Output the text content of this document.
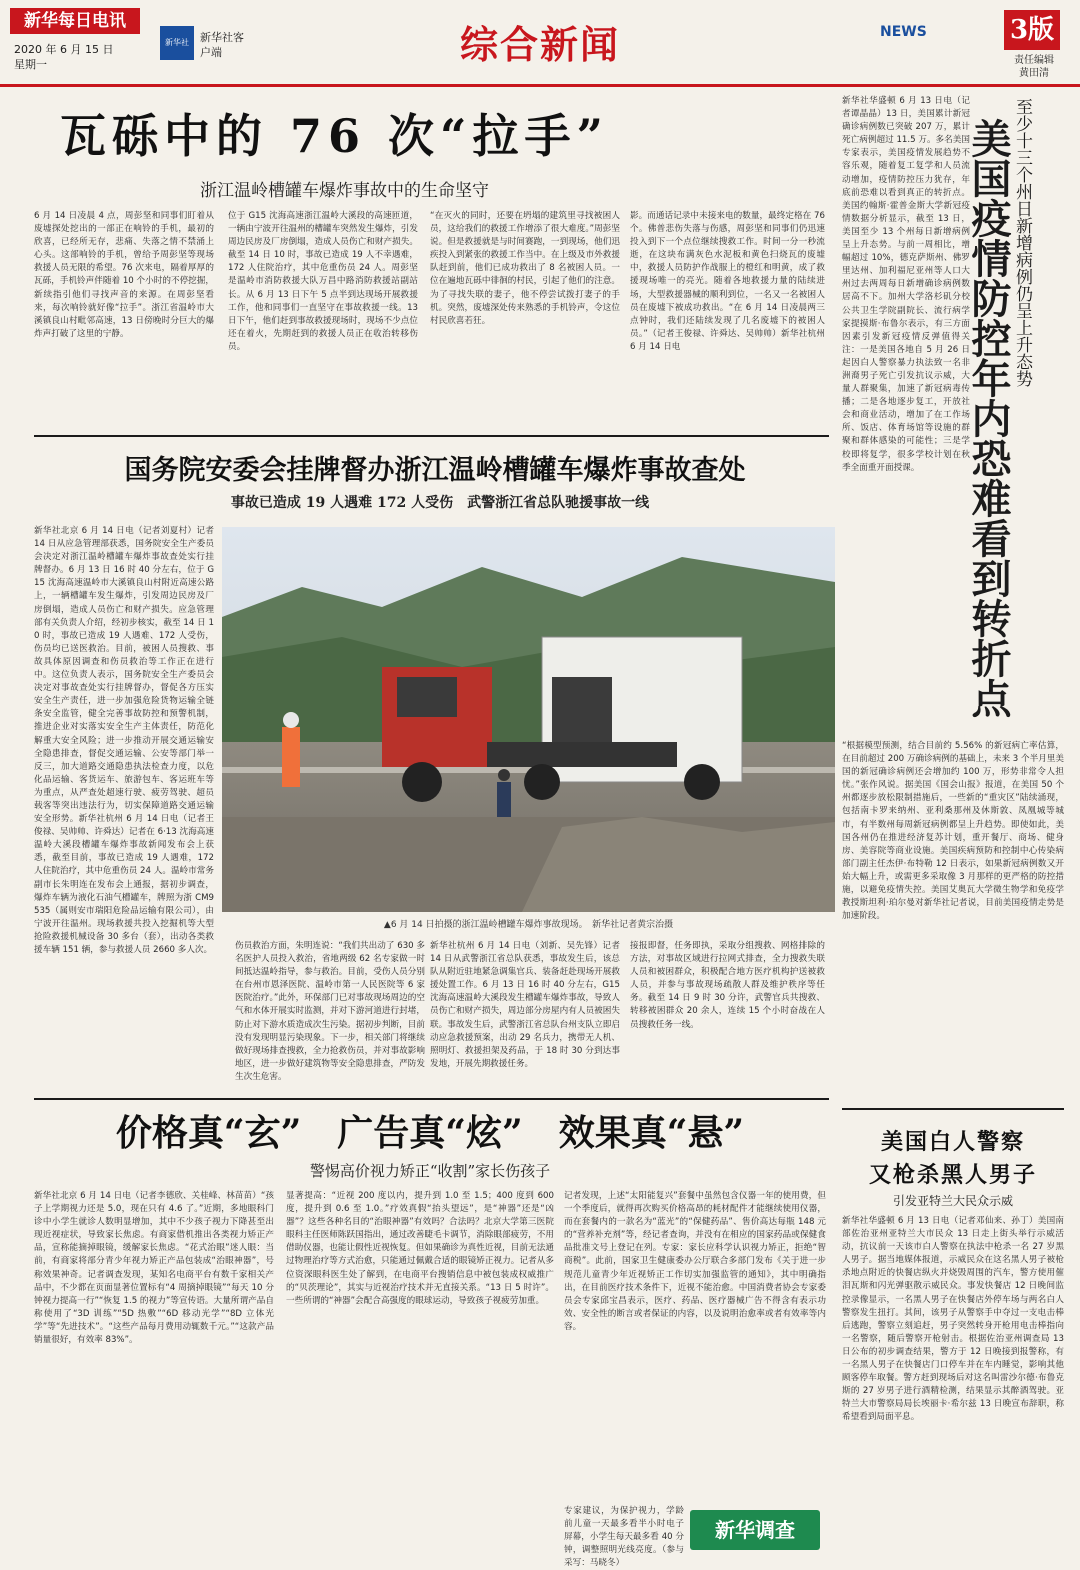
新华每日电讯
2020 年 6 月 15 日
星期一
新华社	新华社客户端	综合新闻	NEWS	3版
责任编辑
黄田清
瓦砾中的 76 次“拉手”
浙江温岭槽罐车爆炸事故中的生命坚守
6 月 14 日凌晨 4 点，周彭坚和同事们盯着从废墟探处挖出的一部正在响铃的手机，最初的欣喜，已经所无存，悲痛、失落之情不禁涌上心头。这部响铃的手机，曾给予周彭坚等现场救援人员无限的希望。76 次来电，隔着厚厚的瓦砾，手机铃声伴随着 10 个小时的不停挖掘，新续指引他们寻找声音的来源。在周彭坚看来，每次响铃就好像“拉手”。浙江省温岭市大溪镇良山村毗邻高速，13 日傍晚时分巨大的爆炸声打破了这里的宁静。
位于 G15 沈海高速浙江温岭大溪段的高速匝道，一辆由宁波开往温州的槽罐车突然发生爆炸，引发周边民房及厂房倒塌，造成人员伤亡和财产损失。截至 14 日 10 时，事故已造成 19 人不幸遇难，172 人住院治疗，其中危重伤员 24 人。周彭坚是温岭市消防救援大队万昌中路消防救援站副站长。从 6 月 13 日下午 5 点半到达现场开展救援工作，他和同事们一直坚守在事故救援一线。13 日下午，他们赶到事故救援现场时，现场不少点位还在着火，先期赶到的救援人员正在收治转移伤员。
“在灭火的同时，还要在坍塌的建筑里寻找被困人员，这给我们的救援工作增添了很大难度。”周彭坚说。但是救援就是与时间赛跑，一到现场，他们迅疾投入到紧张的救援工作当中。在上级及市外救援队赶到前，他们已成功救出了 8 名被困人员。一位在遍地瓦砾中徘徊的村民，引起了他们的注意。为了寻找失联的妻子，他不停尝试拨打妻子的手机。突然，废墟深处传来熟悉的手机铃声，令这位村民欣喜若狂。
影。而通话记录中未接来电的数量，最终定格在 76 个。佛普悲伤失落与伤感，周彭坚和同事们仍迅速投入到下一个点位继续搜救工作。时间一分一秒流逝，在这块布满灰色水泥板和黄色扫烧瓦的废墟中，救援人员防护作战服上的橙红和明黄，成了救援现场唯一的亮光。随着各地救援力量的陆续进场，大型救援器械的顺利到位，一名又一名被困人员在废墟下被成功救出。“在 6 月 14 日凌晨两三点钟时，我们还陆续发现了几名废墟下的被困人员。”（记者王俊禄、许舜达、吴帅帅）新华社杭州 6 月 14 日电
国务院安委会挂牌督办浙江温岭槽罐车爆炸事故查处
事故已造成 19 人遇难 172 人受伤　武警浙江省总队驰援事故一线
新华社北京 6 月 14 日电（记者刘夏村）记者 14 日从应急管理部获悉，国务院安全生产委员会决定对浙江温岭槽罐车爆炸事故查处实行挂牌督办。6 月 13 日 16 时 40 分左右，位于 G15 沈海高速温岭市大溪镇良山村附近高速公路上，一辆槽罐车发生爆炸，引发周边民房及厂房倒塌，造成人员伤亡和财产损失。应急管理部有关负责人介绍，经初步核实，截至 14 日 10 时，事故已造成 19 人遇难、172 人受伤，伤员均已送医救治。目前，被困人员搜救、事故具体原因调查和伤员救治等工作正在进行中。这位负责人表示，国务院安全生产委员会决定对事故查处实行挂牌督办，督促各方压实安全生产责任，进一步加强危险货物运输全链条安全监管，健全完善事故防控和预警机制，推进企业对实落实安全生产主体责任，防范化解重大安全风险；进一步推动开展交通运输安全隐患排查，督促交通运输、公安等部门举一反三，加大道路交通隐患执法检查力度，以危化品运输、客货运车、旅游包车、客运班车等为重点，从严查处超速行驶、疲劳驾驶、超员载客等突出违法行为，切实保障道路交通运输安全形势。新华社杭州 6 月 14 日电（记者王俊禄、吴帅帅、许舜达）记者在 6·13 沈海高速温岭大溪段槽罐车爆炸事故新闻发布会上获悉，截至目前，事故已造成 19 人遇难，172 人住院治疗，其中危重伤员 24 人。温岭市常务副市长朱明连在发布会上通报，据初步调查，爆炸车辆为液化石油气槽罐车，牌照为浙 CM9535（属则安市瑞阳危险品运输有限公司），由宁波开往温州。现场救援共投入挖掘机等大型抢险救援机械设备 30 多台（套），出动各类救援车辆 151 辆，参与救援人员 2660 多人次。
▲6 月 14 日拍摄的浙江温岭槽罐车爆炸事故现场。　新华社记者黄宗治摄
伤员救治方面，朱明连说：“我们共出动了 630 多名医护人员投入救治，省地两级 62 名专家做一时间抵达温岭指导，参与救治。目前，受伤人员分别在台州市恩泽医院、温岭市第一人民医院等 6 家医院治疗。”此外，环保部门已对事故现场周边的空气和水体开展实时监测，并对下游河道进行封堵，防止对下游水质造成次生污染。据初步判断，目前没有发现明显污染现象。下一步，相关部门将继续做好现场排查搜救，全力抢救伤员，并对事故影响地区，进一步做好建筑物等安全隐患排查，严防发生次生危害。
新华社杭州 6 月 14 日电（刘新、吴先锋）记者 14 日从武警浙江省总队获悉，事故发生后，该总队从附近驻地紧急调集官兵、装备赶赴现场开展救援处置工作。6 月 13 日 16 时 40 分左右，G15 沈海高速温岭大溪段发生槽罐车爆炸事故，导致人员伤亡和财产损失，周边部分房屋内有人员被困失联。事故发生后，武警浙江省总队台州支队立即启动应急救援预案，出动 29 名兵力，携带无人机、照明灯、救援担架及药品，于 18 时 30 分到达事发地，开展先期救援任务。
接报即督，任务即执，采取分组搜救、网格排除的方法，对事故区域进行拉网式排查，全力搜救失联人员和被困群众，积极配合地方医疗机构护送被救人员，并参与事故现场疏散人群及维护秩序等任务。截至 14 日 9 时 30 分许，武警官兵共搜救、转移被困群众 20 余人，连续 15 个小时奋战在人员搜救任务一线。
新华社华盛顿 6 月 13 日电（记者谭晶晶）13 日，美国累计新冠确诊病例数已突破 207 万，累计死亡病例超过 11.5 万。多名美国专家表示，美国疫情发展趋势不容乐观，随着复工复学和人员流动增加，疫情防控压力犹存，年底前恐难以看到真正的转折点。美国约翰斯·霍普金斯大学新冠疫情数据分析显示，截至 13 日，美国至少 13 个州每日新增病例呈上升态势。与前一周相比，增幅超过 10%，德克萨斯州、佛罗里达州、加利福尼亚州等人口大州过去两周每日新增确诊病例数居高不下。加州大学洛杉矶分校公共卫生学院副院长、流行病学家提摸斯·布鲁尔表示，有三方面因素引发新冠疫情反弹值得关注：一是美国各地自 5 月 26 日起因白人警察暴力执法致一名非洲裔男子死亡引发抗议示威，大量人群聚集，加速了新冠病毒传播；二是各地逐步复工，开放社会和商业活动，增加了在工作场所、饭店、体育场馆等设施的群聚和群体感染的可能性；三是学校即将复学，很多学校计划在秋季全面重开面授课。
至少十三个州日新增病例仍呈上升态势
美国疫情防控年内恐难看到转折点
“根据模型预测，结合目前约 5.56% 的新冠病亡率估算，在目前超过 200 万确诊病例的基础上，未来 3 个半月里美国的新冠确诊病例还会增加约 100 万，形势非常令人担忧。”张作风说。据美国《国会山报》报道，在美国 50 个州都逐步放松限制措施后，一些新的“重灾区”陆续涌现，包括南卡罗来纳州、亚利桑那州及休斯敦、凤凰城等城市，有半数州每周新冠病例都呈上升趋势。即使如此，美国各州仍在推进经济复苏计划，重开餐厅、商场、健身房、美容院等商业设施。美国疾病预防和控制中心传染病部门副主任杰伊·布特勒 12 日表示，如果新冠病例数又开始大幅上升，或需更多采取像 3 月那样的更严格的防控措施，以避免疫情失控。美国艾奥瓦大学微生物学和免疫学教授斯坦利·珀尔曼对新华社记者说，目前美国疫情走势是加速阶段。
价格真“玄”　广告真“炫”　效果真“悬”
警惕高价视力矫正“收割”家长伤孩子
新华社北京 6 月 14 日电（记者李德欣、关桂峰、林苗苗）“孩子上学期视力还是 5.0，现在只有 4.6 了。”近期，多地眼科门诊中小学生就诊人数明显增加，其中不少孩子视力下降甚至出现近视症状，导致家长焦虑。有商家借机推出各类视力矫正产品，宣称能摘掉眼镜，缓解家长焦虑。“花式治眼”迷人眼：当前，有商家将部分青少年视力矫正产品包装成“治眼神器”，号称效果神奇。记者调查发现，某知名电商平台有数千家相关产品中，不少都在页面显著位置标有“4 周摘掉眼镜”“每天 10 分钟视力提高一行”“恢复 1.5 的视力”等宣传语。大量所谓产品自称使用了“3D 训练”“5D 热敷”“6D 移动光学”“8D 立体光学”等“先进技术”。“这些产品每月费用动辄数千元。”“这款产品销量很好，有效率 83%”。
显著提高：“近视 200 度以内，提升到 1.0 至 1.5；400 度到 600 度，提升到 0.6 至 1.0。”疗效真假“抬头望远”，是“神器”还是“凶器”？这些各种名目的“治眼神器”有效吗？合法吗？北京大学第三医院眼科主任医师陈跃国指出，通过改善睫毛卡调节，消除眼部疲劳，不用借助仪器，也能让假性近视恢复。但如果确诊为真性近视，目前无法通过物理治疗等方式治愈，只能通过佩戴合适的眼镜矫正视力。记者从多位资深眼科医生处了解到，在电商平台搜销信息中被包装成权威推广的“贝茨理论”，其实与近视治疗技术并无直接关系。“13 日 5 时许”。一些所谓的“神器”会配合高强度的眼球运动，导致孩子视疲劳加重。
记者发现，上述“太阳能复兴”套餐中虽然包含仪器一年的使用费，但一个季度后，就得再次购买价格高昂的耗材配件才能继续使用仪器，而在套餐内的一款名为“蓝光”的“保健药品”、售价高达每瓶 148 元的“营养补充剂”等，经记者查询，并没有在相应的国家药品或保健食品批准文号上登记在列。专家：家长应科学认识视力矫正，拒绝“智商税”。此前，国家卫生健康委办公厅联合多部门发布《关于进一步规范儿童青少年近视矫正工作切实加强监管的通知》，其中明确指出，在目前医疗技术条件下，近视不能治愈。中国消费者协会专家委员会专家邱宝昌表示，医疗、药品、医疗器械广告不得含有表示功效、安全性的断言或者保证的内容，以及说明治愈率或者有效率等内容。
专家建议，为保护视力，学龄前儿童一天最多看半小时电子屏幕，小学生每天最多看 40 分钟，调整照明光线亮度。（参与采写：马晓冬）
新华调查
美国白人警察
又枪杀黑人男子
引发亚特兰大民众示威
新华社华盛顿 6 月 13 日电（记者邓仙来、孙丁）美国南部佐治亚州亚特兰大市民众 13 日走上街头举行示威活动，抗议前一天该市白人警察在执法中枪杀一名 27 岁黑人男子。据当地媒体报道，示威民众在这名黑人男子被枪杀地点附近的快餐店纵火并烧毁周围的汽车，警方使用催泪瓦斯和闪光弹驱散示威民众。事发快餐店 12 日晚间监控录像显示，一名黑人男子在快餐店外停车场与两名白人警察发生扭打。其间，该男子从警察手中夺过一支电击棒后逃跑，警察立刻追赶，男子突然转身开枪用电击棒指向一名警察，随后警察开枪射击。根据佐治亚州调查局 13 日公布的初步调查结果，警方于 12 日晚接到报警称，有一名黑人男子在快餐店门口停车并在车内睡觉，影响其他顾客停车取餐。警方赶到现场后对这名叫雷沙尔德·布鲁克斯的 27 岁男子进行酒精检测，结果显示其醉酒驾驶。亚特兰大市警察局局长埃丽卡·希尔兹 13 日晚宣布辞职，称希望看到局面平息。
